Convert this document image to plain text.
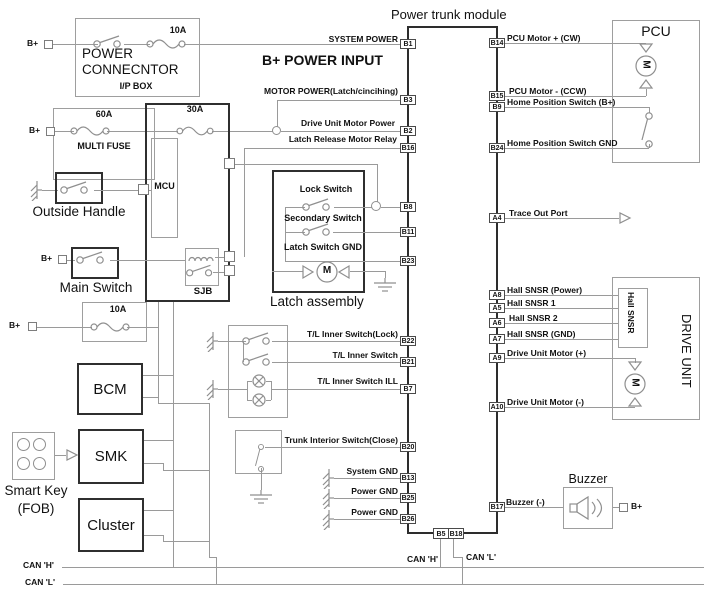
B+
10A
POWER
CONNECNTOR
I/P BOX
SYSTEM POWER
B+ POWER INPUT
B+
60A
MULTI FUSE
30A
MCU
SJB
MOTOR POWER(Latch/cincihing)
Drive Unit Motor Power
Latch Release Motor Relay
Outside Handle
B+
Main Switch
B+
10A
Lock Switch
Secondary Switch
Latch Switch GND
M
Latch assembly
T/L Inner Switch(Lock)
T/L Inner Switch
T/L Inner Switch ILL
Trunk Interior Switch(Close)
System GND
Power GND
Power GND
BCM
SMK
Cluster
Smart Key
(FOB)
CAN 'H'
CAN 'L'
CAN 'H'	CAN 'L'
Power trunk module
B5 B18
B1
B3
B2
B16
B8
B11
B23
B22
B21
B7
B20
B13
B25
B26
B14
B15
B9
B24
A4
A8
A5
A6
A7
A9
A10
B17
PCU Motor + (CW)
PCU Motor - (CCW)
Home Position Switch (B+)
Home Position Switch GND
Trace Out Port
Hall SNSR (Power)
Hall SNSR 1
Hall SNSR 2
Hall SNSR (GND)
Drive Unit Motor (+)
Drive Unit Motor (-)
Buzzer (-)
PCU
M
DRIVE UNIT
Hall SNSR
M
Buzzer
B+
